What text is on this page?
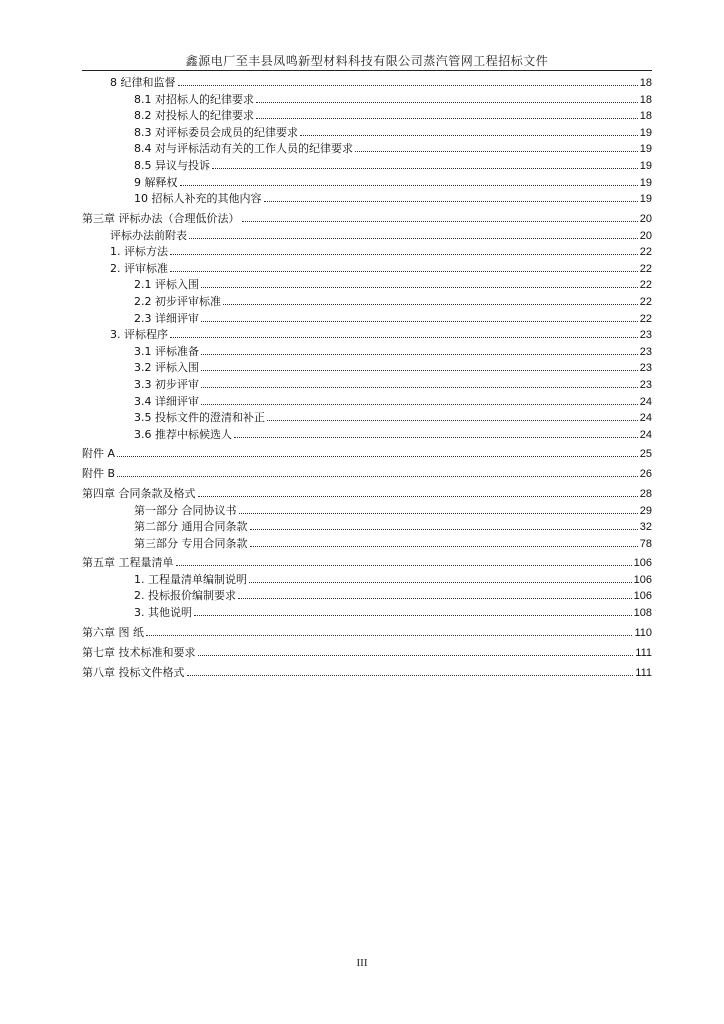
鑫源电厂至丰县凤鸣新型材料科技有限公司蒸汽管网工程招标文件
8 纪律和监督	18
8.1 对招标人的纪律要求	18
8.2 对投标人的纪律要求	18
8.3 对评标委员会成员的纪律要求	19
8.4 对与评标活动有关的工作人员的纪律要求	19
8.5 异议与投诉	19
9 解释权	19
10 招标人补充的其他内容	19
第三章 评标办法（合理低价法）	20
评标办法前附表	20
1. 评标方法	22
2. 评审标准	22
2.1 评标入围	22
2.2 初步评审标准	22
2.3 详细评审	22
3. 评标程序	23
3.1 评标准备	23
3.2 评标入围	23
3.3 初步评审	23
3.4 详细评审	24
3.5 投标文件的澄清和补正	24
3.6 推荐中标候选人	24
附件 A	25
附件 B	26
第四章 合同条款及格式	28
第一部分 合同协议书	29
第二部分 通用合同条款	32
第三部分 专用合同条款	78
第五章 工程量清单	106
1. 工程量清单编制说明	106
2. 投标报价编制要求	106
3. 其他说明	108
第六章 图 纸	110
第七章 技术标准和要求	111
第八章 投标文件格式	111
III
